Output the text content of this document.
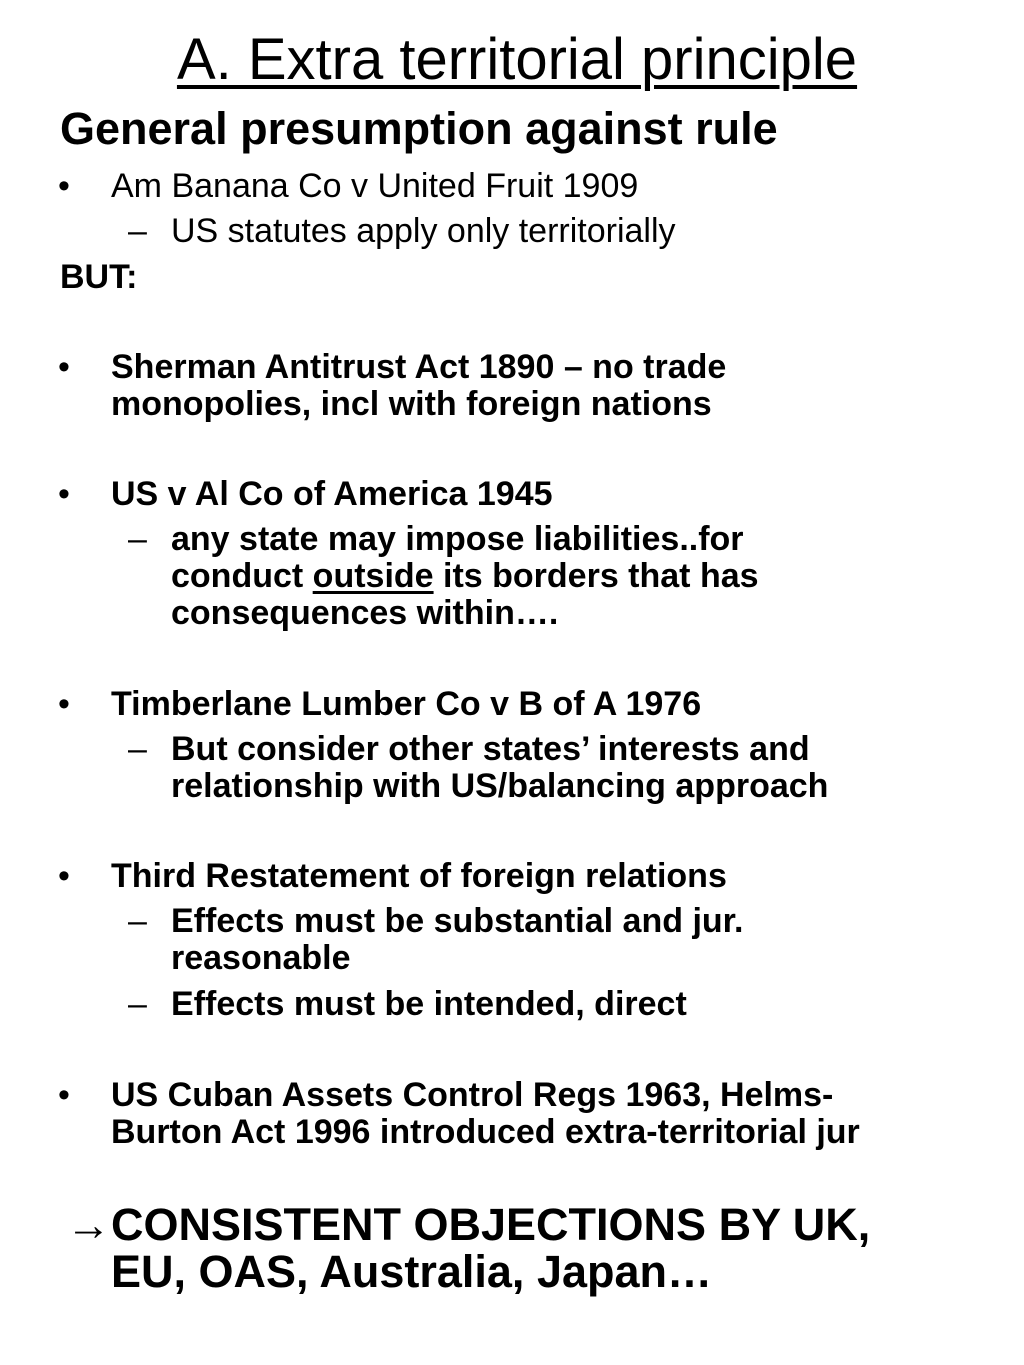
A. Extra territorial principle
General presumption against rule
• Am Banana Co v United Fruit 1909
– US statutes apply only territorially
BUT:
• Sherman Antitrust Act 1890 – no trade
monopolies, incl with foreign nations
• US v Al Co of America 1945
– any state may impose liabilities..for
conduct outside its borders that has
consequences within….
• Timberlane Lumber Co v B of A 1976
– But consider other states’ interests and
relationship with US/balancing approach
• Third Restatement of foreign relations
– Effects must be substantial and jur.
reasonable
– Effects must be intended, direct
• US Cuban Assets Control Regs 1963, Helms-
Burton Act 1996 introduced extra-territorial jur
→CONSISTENT OBJECTIONS BY UK,
EU, OAS, Australia, Japan…
